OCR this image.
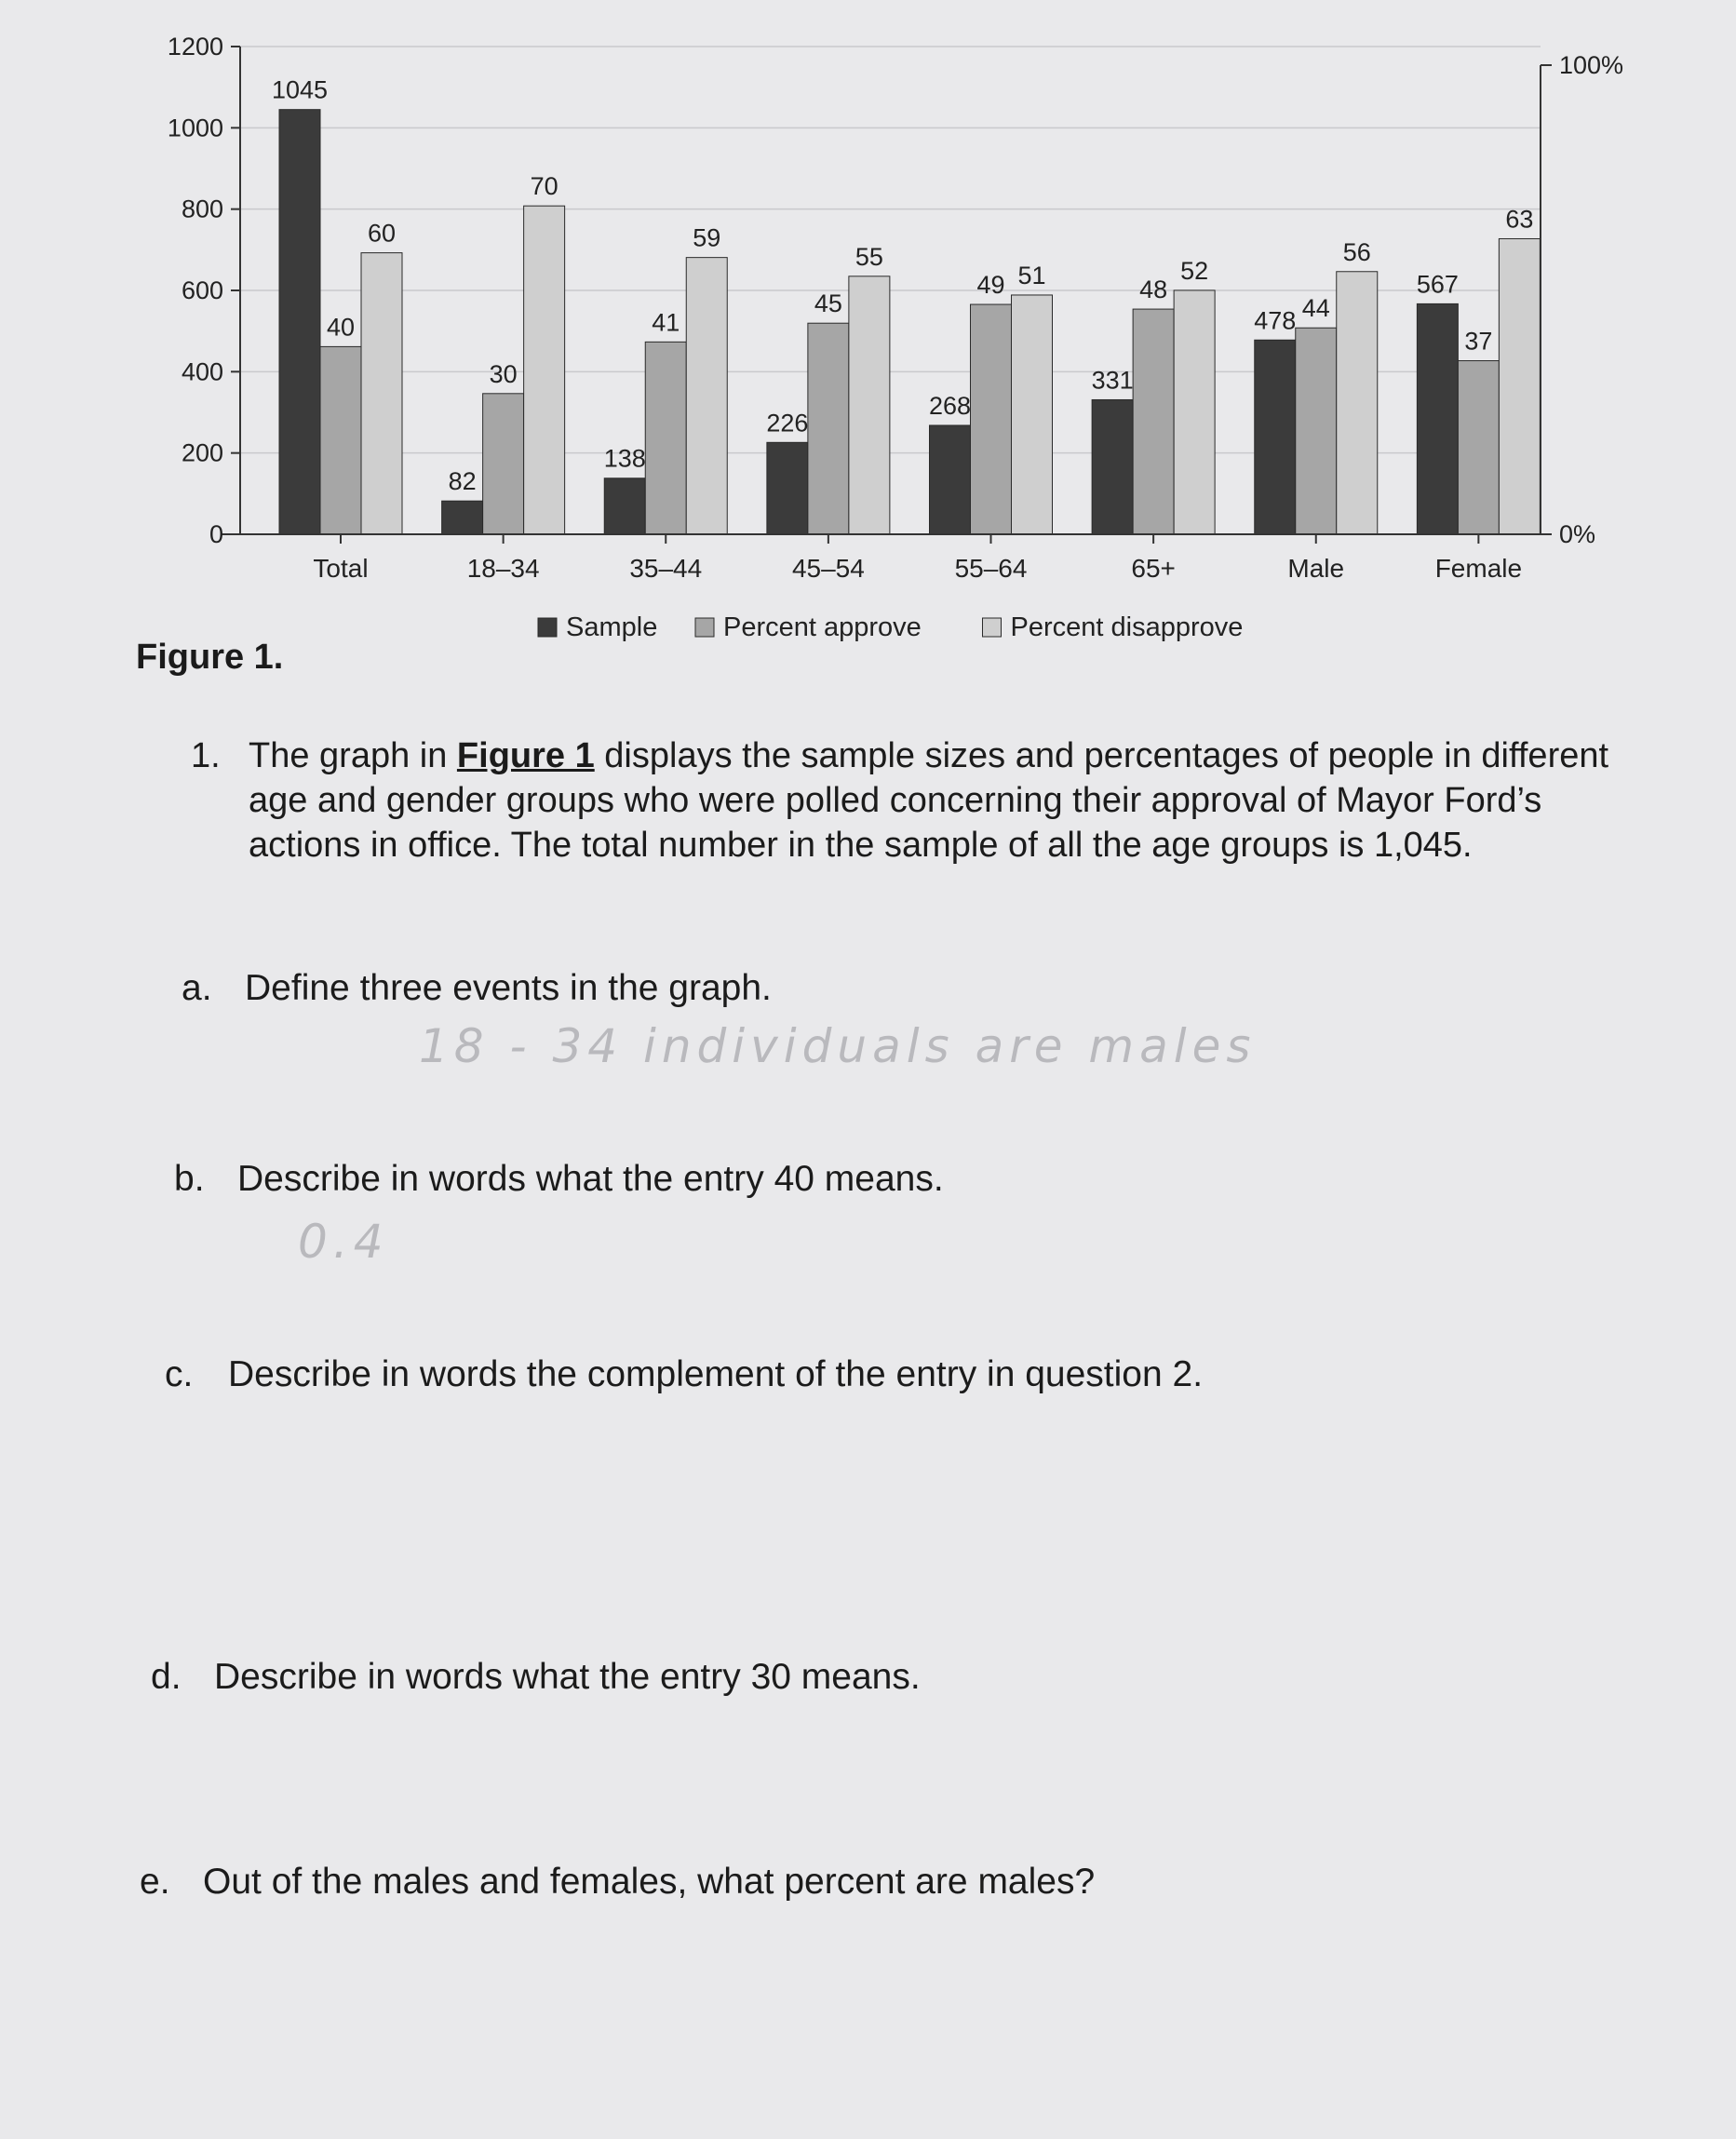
1045
82
138
226
268
331
478
567
40
30
41
45
49	48
44
37
60
70
59
55
51	52
56
63
0
200
400
600
800
1000
1200
0%
100%
Total	18–34	35–44	45–54	55–64	65+	Male	Female
Sample Percent approve	Percent disapprove
Figure 1.
1. The graph in Figure 1 displays the sample sizes and percentages of people in different age and gender groups who were polled concerning their approval of Mayor Ford’s actions in office. The total number in the sample of all the age groups is 1,045.
a. Define three events in the graph.
18 - 34 individuals are males
b. Describe in words what the entry 40 means.
0.4
c. Describe in words the complement of the entry in question 2.
d. Describe in words what the entry 30 means.
e. Out of the males and females, what percent are males?
